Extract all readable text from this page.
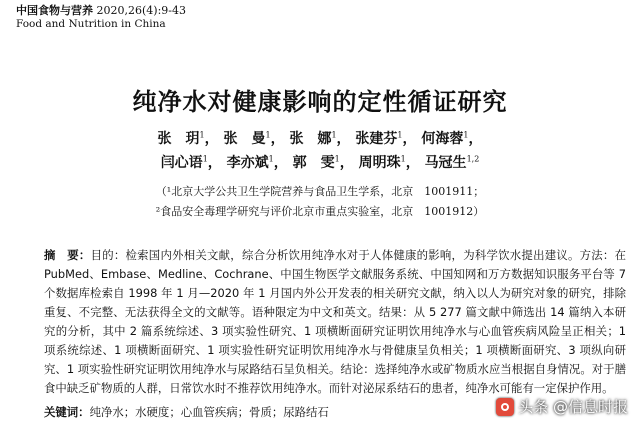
中国食物与营养 2020,26(4):9-43
Food and Nutrition in China
纯净水对健康影响的定性循证研究
张　玥$^1$， 张　曼$^1$， 张　娜$^1$， 张建芬$^1$， 何海蓉$^1$，
闫心语$^1$， 李亦斌$^1$， 郭　雯$^1$， 周明珠$^1$， 马冠生$^{1,2}$
（¹北京大学公共卫生学院营养与食品卫生学系，北京　1001911；
²食品安全毒理学研究与评价北京市重点实验室，北京　1001912）
摘　要：目的：检索国内外相关文献，综合分析饮用纯净水对于人体健康的影响，为科学饮水提出建议。方法：在 PubMed、Embase、Medline、Cochrane、中国生物医学文献服务系统、中国知网和万方数据知识服务平台等 7 个数据库检索自 1998 年 1 月—2020 年 1 月国内外公开发表的相关研究文献，纳入以人为研究对象的研究，排除重复、不完整、无法获得全文的文献等。语种限定为中文和英文。结果：从 5 277 篇文献中筛选出 14 篇纳入本研究的分析，其中 2 篇系统综述、3 项实验性研究、1 项横断面研究证明饮用纯净水与心血管疾病风险呈正相关；1 项系统综述、1 项横断面研究、1 项实验性研究证明饮用纯净水与骨健康呈负相关；1 项横断面研究、3 项纵向研究、1 项实验性研究证明饮用纯净水与尿路结石呈负相关。结论：选择纯净水或矿物质水应当根据自身情况。对于膳食中缺乏矿物质的人群，日常饮水时不推荐饮用纯净水。而针对泌尿系结石的患者，纯净水可能有一定保护作用。
关键词：纯净水；水硬度；心血管疾病；骨质；尿路结石	头条 @信息时报
